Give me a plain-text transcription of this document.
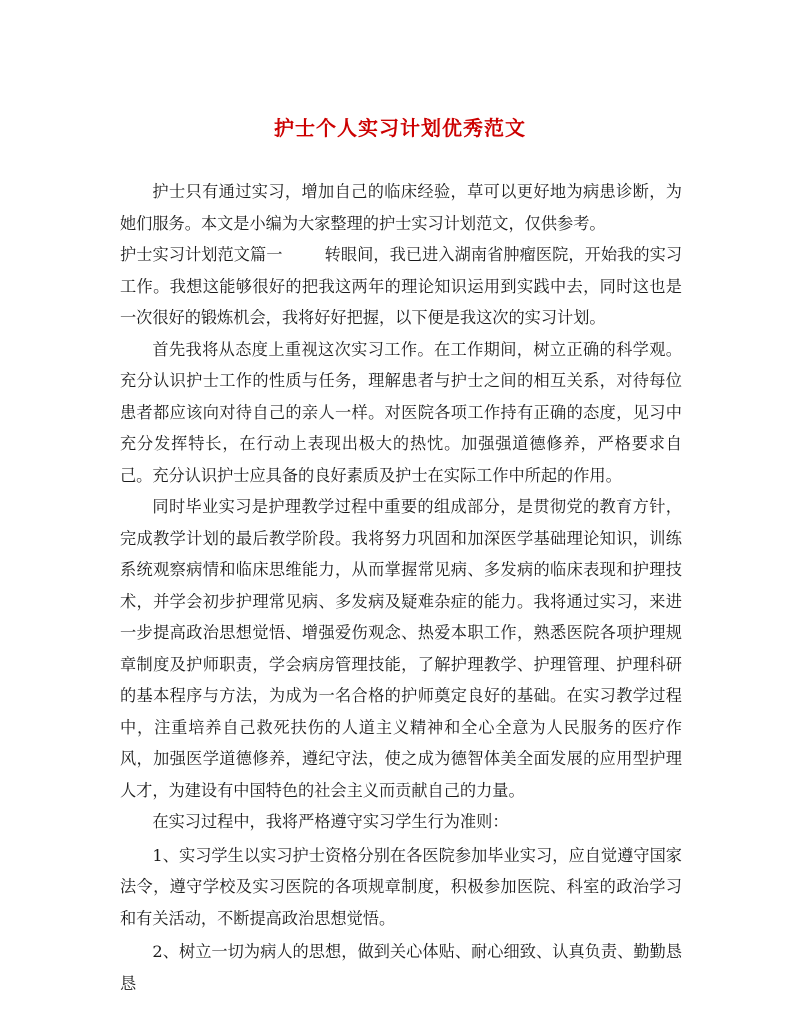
护士个人实习计划优秀范文

护士只有通过实习，增加自己的临床经验，草可以更好地为病患诊断，为她们服务。本文是小编为大家整理的护士实习计划范文，仅供参考。

护士实习计划范文篇一	转眼间，我已进入湖南省肿瘤医院，开始我的实习工作。我想这能够很好的把我这两年的理论知识运用到实践中去，同时这也是一次很好的锻炼机会，我将好好把握，以下便是我这次的实习计划。

首先我将从态度上重视这次实习工作。在工作期间，树立正确的科学观。充分认识护士工作的性质与任务，理解患者与护士之间的相互关系，对待每位患者都应该向对待自己的亲人一样。对医院各项工作持有正确的态度，见习中充分发挥特长，在行动上表现出极大的热忱。加强强道德修养，严格要求自己。充分认识护士应具备的良好素质及护士在实际工作中所起的作用。

同时毕业实习是护理教学过程中重要的组成部分，是贯彻党的教育方针，完成教学计划的最后教学阶段。我将努力巩固和加深医学基础理论知识，训练系统观察病情和临床思维能力，从而掌握常见病、多发病的临床表现和护理技术，并学会初步护理常见病、多发病及疑难杂症的能力。我将通过实习，来进一步提高政治思想觉悟、增强爱伤观念、热爱本职工作，熟悉医院各项护理规章制度及护师职责，学会病房管理技能，了解护理教学、护理管理、护理科研的基本程序与方法，为成为一名合格的护师奠定良好的基础。在实习教学过程中，注重培养自己救死扶伤的人道主义精神和全心全意为人民服务的医疗作风，加强医学道德修养，遵纪守法，使之成为德智体美全面发展的应用型护理人才，为建设有中国特色的社会主义而贡献自己的力量。

在实习过程中，我将严格遵守实习学生行为准则：

1、实习学生以实习护士资格分别在各医院参加毕业实习，应自觉遵守国家法令，遵守学校及实习医院的各项规章制度，积极参加医院、科室的政治学习和有关活动，不断提高政治思想觉悟。

2、树立一切为病人的思想，做到关心体贴、耐心细致、认真负责、勤勤恳恳
